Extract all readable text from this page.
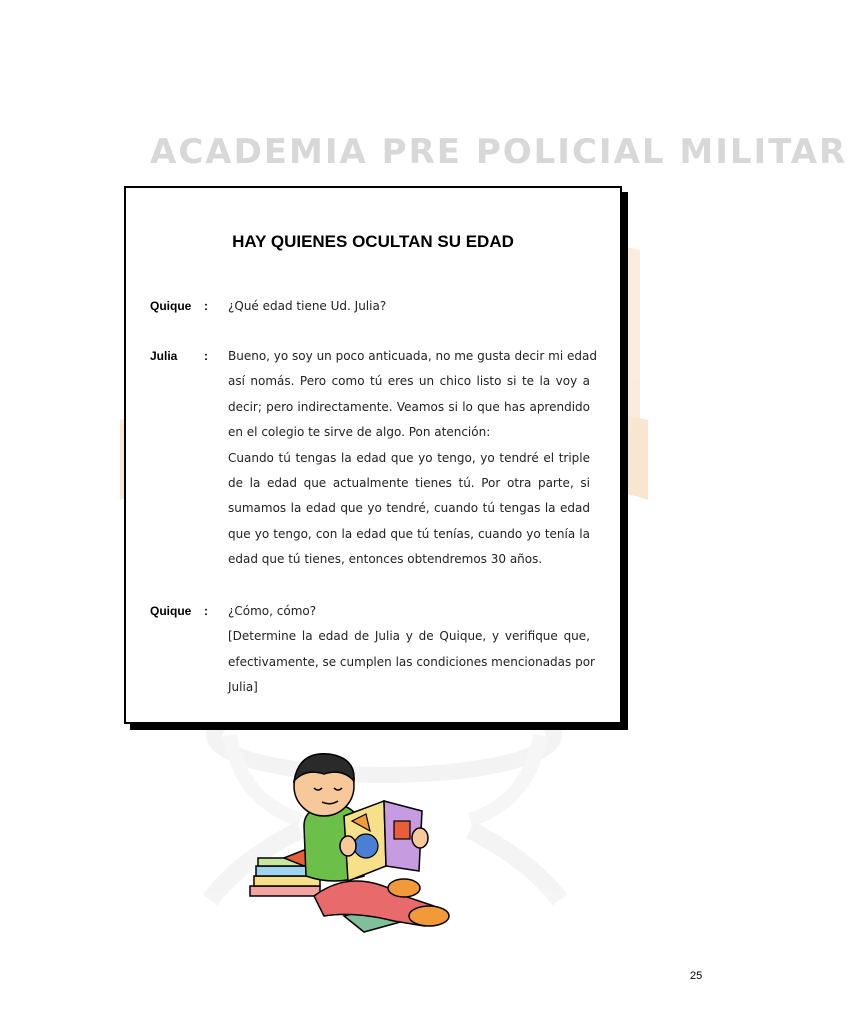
ACADEMIA PRE POLICIAL MILITAR
HAY QUIENES OCULTAN SU EDAD
Quique : ¿Qué edad tiene Ud. Julia?
Julia : Bueno, yo soy un poco anticuada, no me gusta decir mi edad
así nomás. Pero como tú eres un chico listo si te la voy a
decir; pero indirectamente. Veamos si lo que has aprendido
en el colegio te sirve de algo. Pon atención:
Cuando tú tengas la edad que yo tengo, yo tendré el triple
de la edad que actualmente tienes tú. Por otra parte, si
sumamos la edad que yo tendré, cuando tú tengas la edad
que yo tengo, con la edad que tú tenías, cuando yo tenía la
edad que tú tienes, entonces obtendremos 30 años.
Quique : ¿Cómo, cómo?
[Determine la edad de Julia y de Quique, y verifique que,
efectivamente, se cumplen las condiciones mencionadas por
Julia]
25
